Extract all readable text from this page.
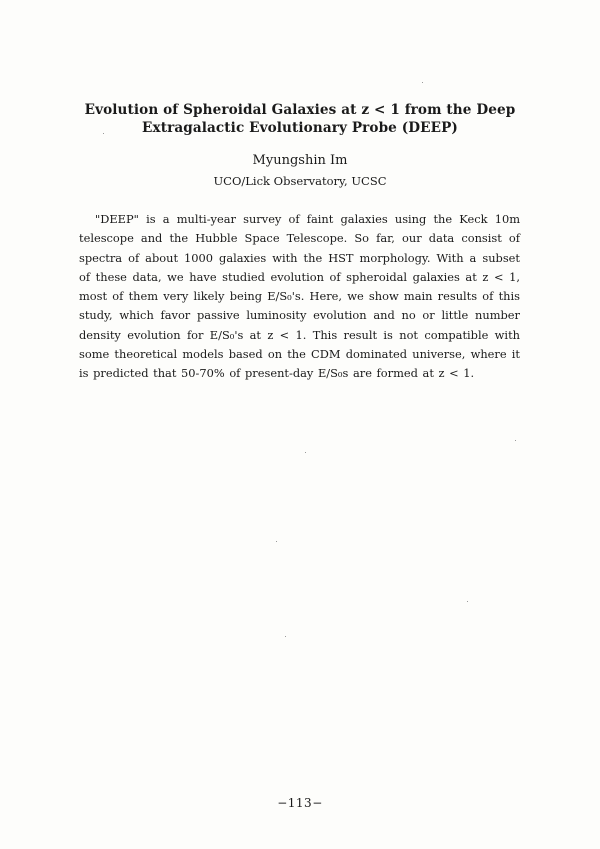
Evolution of Spheroidal Galaxies at z < 1 from the Deep
Extragalactic Evolutionary Probe (DEEP)
Myungshin Im
UCO/Lick Observatory, UCSC
"DEEP" is a multi-year survey of faint galaxies using the Keck 10m telescope and the Hubble Space Telescope. So far, our data consist of spectra of about 1000 galaxies with the HST morphology. With a subset of these data, we have studied evolution of spheroidal galaxies at z < 1, most of them very likely being E/S₀'s. Here, we show main results of this study, which favor passive luminosity evolution and no or little number density evolution for E/S₀'s at z < 1. This result is not compatible with some theoretical models based on the CDM dominated universe, where it is predicted that 50-70% of present-day E/S₀s are formed at z < 1.
−113−
